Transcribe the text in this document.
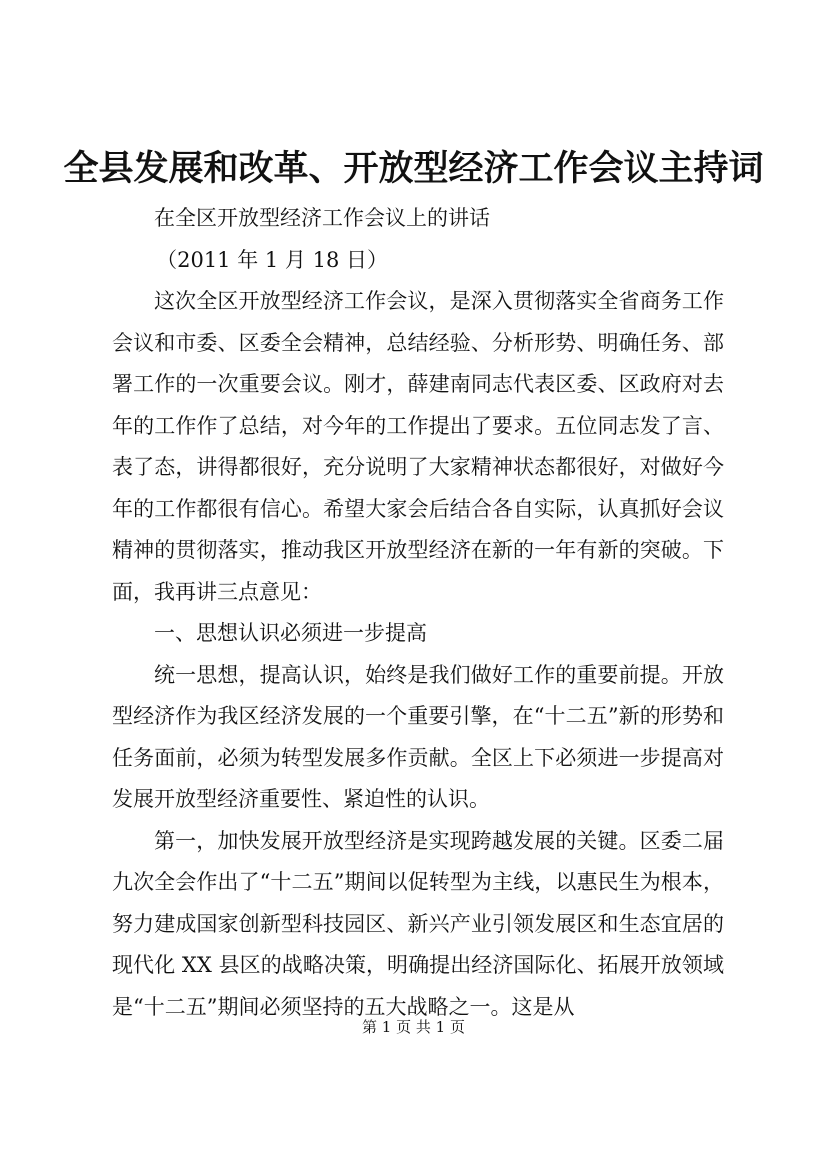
全县发展和改革、开放型经济工作会议主持词

在全区开放型经济工作会议上的讲话

（2011 年 1 月 18 日）

这次全区开放型经济工作会议，是深入贯彻落实全省商务工作会议和市委、区委全会精神，总结经验、分析形势、明确任务、部署工作的一次重要会议。刚才，薛建南同志代表区委、区政府对去年的工作作了总结，对今年的工作提出了要求。五位同志发了言、表了态，讲得都很好，充分说明了大家精神状态都很好，对做好今年的工作都很有信心。希望大家会后结合各自实际，认真抓好会议精神的贯彻落实，推动我区开放型经济在新的一年有新的突破。下面，我再讲三点意见：

一、思想认识必须进一步提高

统一思想，提高认识，始终是我们做好工作的重要前提。开放型经济作为我区经济发展的一个重要引擎，在“十二五”新的形势和任务面前，必须为转型发展多作贡献。全区上下必须进一步提高对发展开放型经济重要性、紧迫性的认识。

第一，加快发展开放型经济是实现跨越发展的关键。区委二届九次全会作出了“十二五”期间以促转型为主线，以惠民生为根本，努力建成国家创新型科技园区、新兴产业引领发展区和生态宜居的现代化 XX 县区的战略决策，明确提出经济国际化、拓展开放领域是“十二五”期间必须坚持的五大战略之一。这是从

第 1 页 共 1 页
